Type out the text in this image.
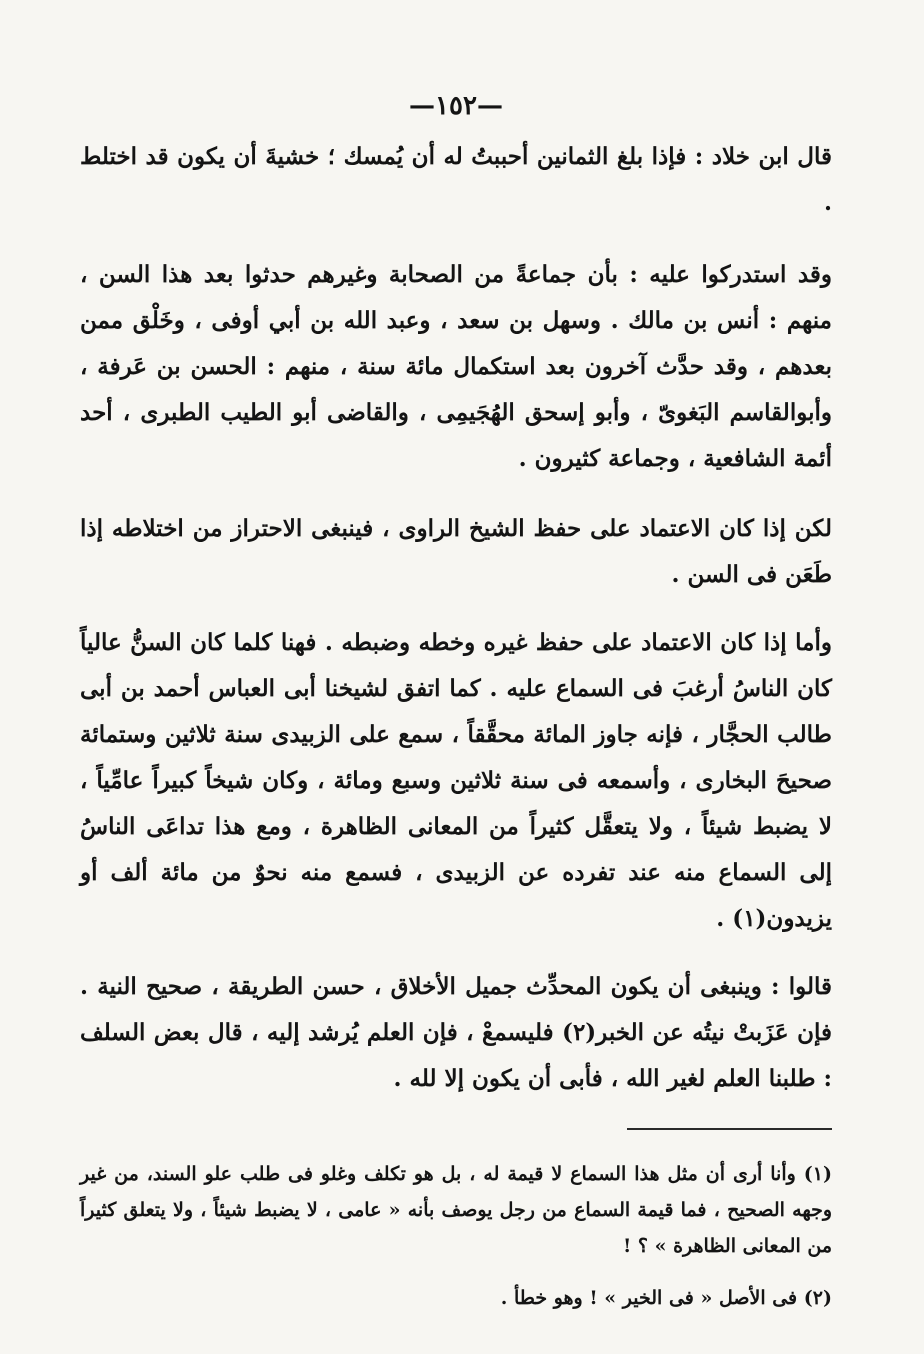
—١٥٢—

قال ابن خلاد : فإذا بلغ الثمانين أحببتُ له أن يُمسك ؛ خشيةَ أن يكون قد اختلط .

وقد استدركوا عليه : بأن جماعةً من الصحابة وغيرهم حدثوا بعد هذا السن ، منهم : أنس بن مالك . وسهل بن سعد ، وعبد الله بن أبي أوفى ، وخَلْق ممن بعدهم ، وقد حدَّث آخرون بعد استكمال مائة سنة ، منهم : الحسن بن عَرفة ، وأبوالقاسم البَغوىّ ، وأبو إسحق الهُجَيمِى ، والقاضى أبو الطيب الطبرى ، أحد أئمة الشافعية ، وجماعة كثيرون .

لكن إذا كان الاعتماد على حفظ الشيخ الراوى ، فينبغى الاحتراز من اختلاطه إذا طَعَن فى السن .

وأما إذا كان الاعتماد على حفظ غيره وخطه وضبطه . فهنا كلما كان السنُّ عالياً كان الناسُ أرغبَ فى السماع عليه . كما اتفق لشيخنا أبى العباس أحمد بن أبى طالب الحجَّار ، فإنه جاوز المائة محقَّقاً ، سمع على الزبيدى سنة ثلاثين وستمائة صحيحَ البخارى ، وأسمعه فى سنة ثلاثين وسبع ومائة ، وكان شيخاً كبيراً عامِّياً ، لا يضبط شيئاً ، ولا يتعقَّل كثيراً من المعانى الظاهرة ، ومع هذا تداعَى الناسُ إلى السماع منه عند تفرده عن الزبيدى ، فسمع منه نحوٌ من مائة ألف أو يزيدون(١) .

قالوا : وينبغى أن يكون المحدِّث جميل الأخلاق ، حسن الطريقة ، صحيح النية . فإن عَزَبتْ نيتُه عن الخبر(٢) فليسمعْ ، فإن العلم يُرشد إليه ، قال بعض السلف : طلبنا العلم لغير الله ، فأبى أن يكون إلا لله .

(١) وأنا أرى أن مثل هذا السماع لا قيمة له ، بل هو تكلف وغلو فى طلب علو السند، من غير وجهه الصحيح ، فما قيمة السماع من رجل يوصف بأنه « عامى ، لا يضبط شيئاً ، ولا يتعلق كثيراً من المعانى الظاهرة » ؟ !

(٢) فى الأصل « فى الخير » ! وهو خطأ .
